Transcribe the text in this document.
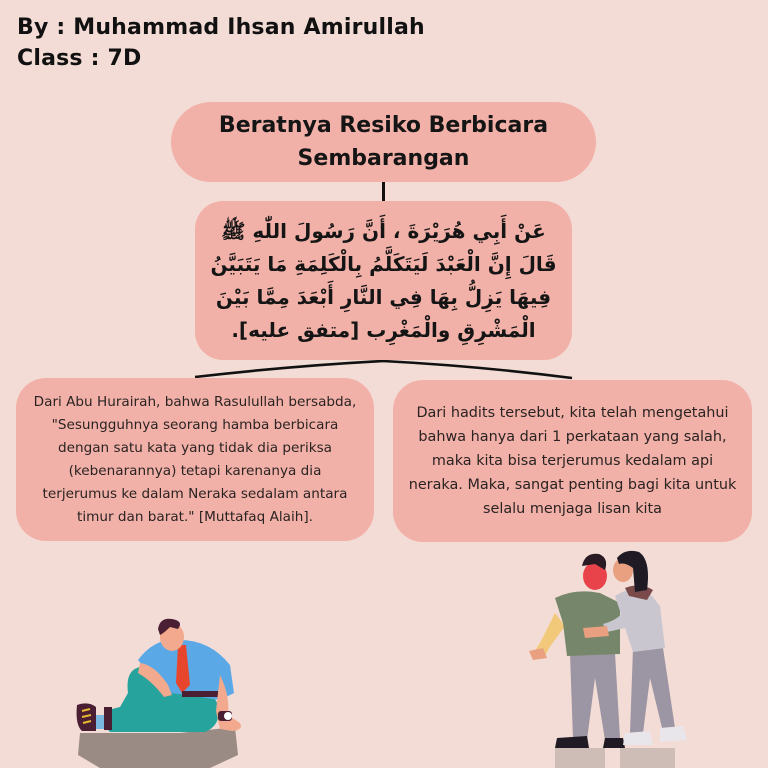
By : Muhammad Ihsan Amirullah
Class : 7D
Beratnya Resiko Berbicara Sembarangan
عَنْ أَبِي هُرَيْرَةَ ، أَنَّ رَسُولَ اللّٰهِ ﷺ قَالَ إِنَّ الْعَبْدَ لَيَتَكَلَّمُ بِالْكَلِمَةِ مَا يَتَبَيَّنُ فِيهَا يَزِلُّ بِهَا فِي النَّارِ أَبْعَدَ مِمَّا بَيْنَ الْمَشْرِقِ والْمَغْرِب [متفق عليه].
Dari Abu Hurairah, bahwa Rasulullah bersabda, "Sesungguhnya seorang hamba berbicara dengan satu kata yang tidak dia periksa (kebenarannya) tetapi karenanya dia terjerumus ke dalam Neraka sedalam antara timur dan barat." [Muttafaq Alaih].
Dari hadits tersebut, kita telah mengetahui bahwa hanya dari 1 perkataan yang salah, maka kita bisa terjerumus kedalam api neraka. Maka, sangat penting bagi kita untuk selalu menjaga lisan kita
